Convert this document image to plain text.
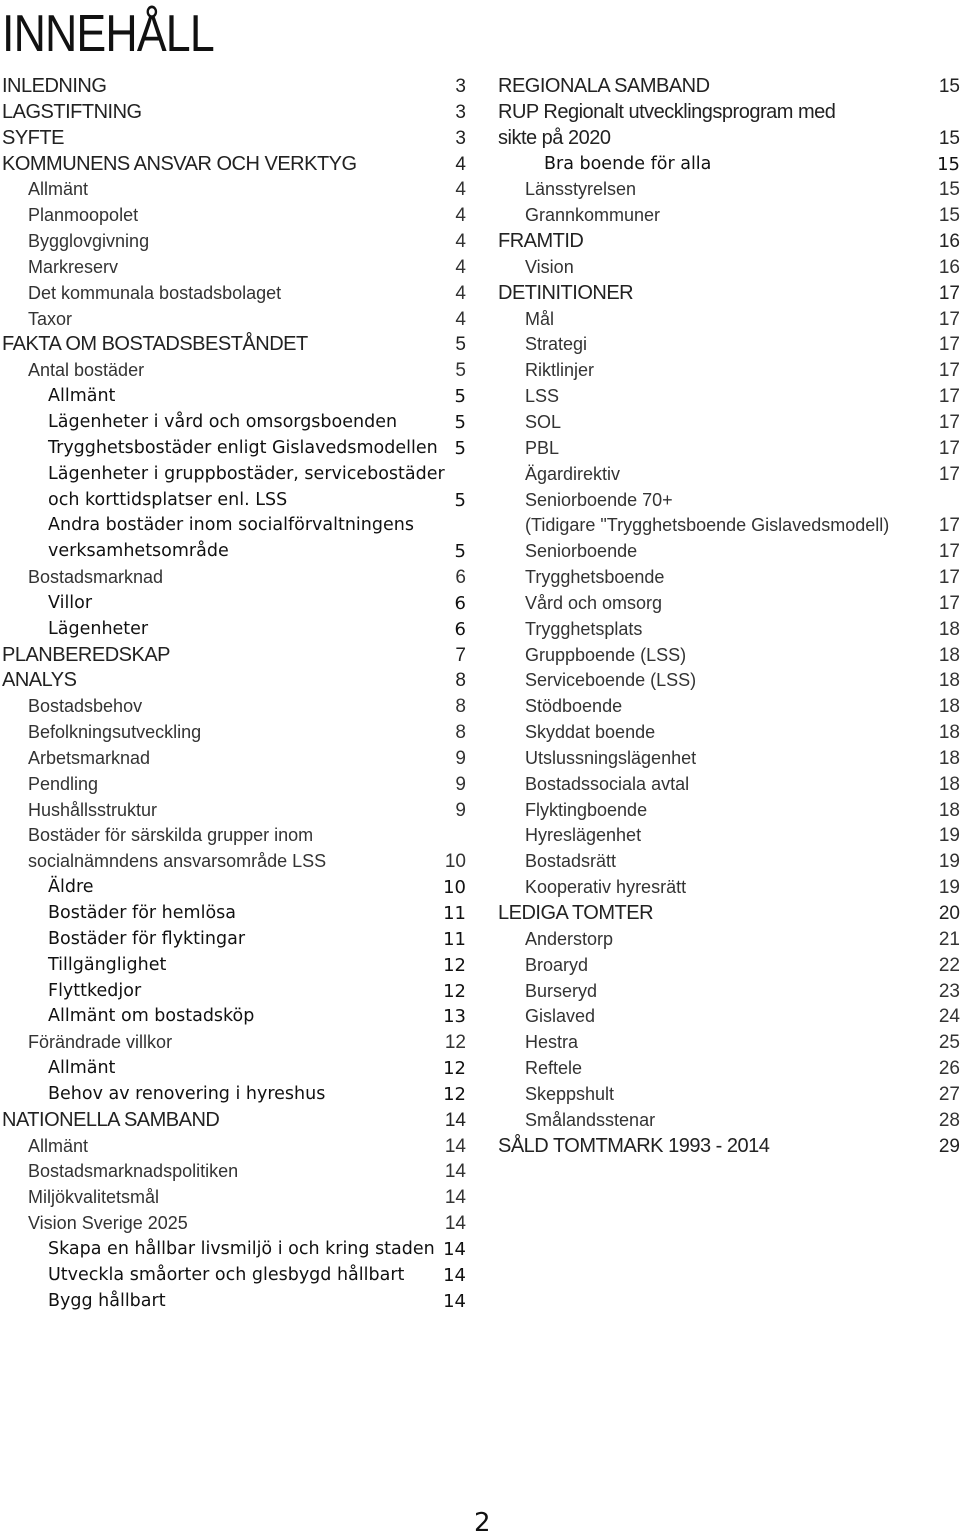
INNEHÅLL
INLEDNING	3
LAGSTIFTNING	3
SYFTE	3
KOMMUNENS ANSVAR OCH VERKTYG	4
Allmänt	4
Planmoopolet	4
Bygglovgivning	4
Markreserv	4
Det kommunala bostadsbolaget	4
Taxor	4
FAKTA OM BOSTADSBESTÅNDET	5
Antal bostäder	5
Allmänt	5
Lägenheter i vård och omsorgsboenden	5
Trygghetsbostäder enligt Gislavedsmodellen 5
Lägenheter i gruppbostäder, servicebostäder
och korttidsplatser enl. LSS	5
Andra bostäder inom socialförvaltningens
verksamhetsområde	5
Bostadsmarknad	6
Villor	6
Lägenheter	6
PLANBEREDSKAP	7
ANALYS	8
Bostadsbehov	8
Befolkningsutveckling	8
Arbetsmarknad	9
Pendling	9
Hushållsstruktur	9
Bostäder för särskilda grupper inom
socialnämndens ansvarsområde LSS	10
Äldre	10
Bostäder för hemlösa	11
Bostäder för flyktingar	11
Tillgänglighet	12
Flyttkedjor	12
Allmänt om bostadsköp	13
Förändrade villkor	12
Allmänt	12
Behov av renovering i hyreshus	12
NATIONELLA SAMBAND	14
Allmänt	14
Bostadsmarknadspolitiken	14
Miljökvalitetsmål	14
Vision Sverige 2025	14
Skapa en hållbar livsmiljö i och kring staden 14
Utveckla småorter och glesbygd hållbart 14
Bygg hållbart	14
REGIONALA SAMBAND	15
RUP Regionalt utvecklingsprogram med
sikte på 2020	15
Bra boende för alla	15
Länsstyrelsen	15
Grannkommuner	15
FRAMTID	16
Vision	16
DETINITIONER	17
Mål	17
Strategi	17
Riktlinjer	17
LSS	17
SOL	17
PBL	17
Ägardirektiv	17
Seniorboende 70+
(Tidigare "Trygghetsboende Gislavedsmodell)	17
Seniorboende	17
Trygghetsboende	17
Vård och omsorg	17
Trygghetsplats	18
Gruppboende (LSS)	18
Serviceboende (LSS)	18
Stödboende	18
Skyddat boende	18
Utslussningslägenhet	18
Bostadssociala avtal	18
Flyktingboende	18
Hyreslägenhet	19
Bostadsrätt	19
Kooperativ hyresrätt	19
LEDIGA TOMTER	20
Anderstorp	21
Broaryd	22
Burseryd	23
Gislaved	24
Hestra	25
Reftele	26
Skeppshult	27
Smålandsstenar	28
SÅLD TOMTMARK 1993 - 2014	29
2
